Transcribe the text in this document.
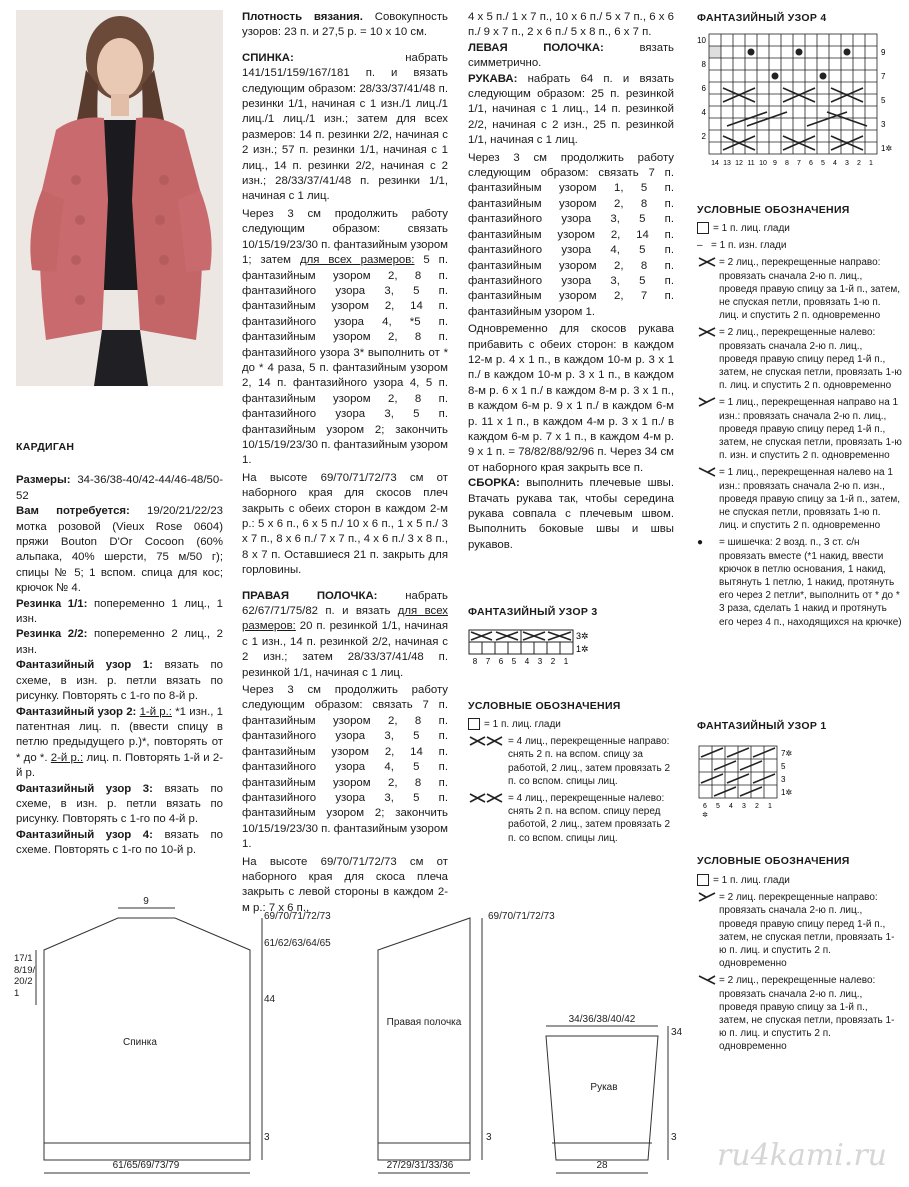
КАРДИГАН

Размеры: 34-36/38-40/42-44/46-48/50-52

Вам потребуется: 19/20/21/22/23 мотка розовой (Vieux Rose 0604) пряжи Bouton D'Or Cocoon (60% альпака, 40% шерсти, 75 м/50 г); спицы № 5; 1 вспом. спица для кос; крючок № 4.

Резинка 1/1: попеременно 1 лиц., 1 изн.

Резинка 2/2: попеременно 2 лиц., 2 изн.

Фантазийный узор 1: вязать по схеме, в изн. р. петли вязать по рисунку. Повторять с 1-го по 8-й р.

Фантазийный узор 2: 1-й р.: *1 изн., 1 патентная лиц. п. (ввести спицу в петлю предыдущего р.)*, повторять от * до *. 2-й р.: лиц. п. Повторять 1-й и 2-й р.

Фантазийный узор 3: вязать по схеме, в изн. р. петли вязать по рисунку. Повторять с 1-го по 4-й р.

Фантазийный узор 4: вязать по схеме. Повторять с 1-го по 10-й р.

Плотность вязания. Совокупность узоров: 23 п. и 27,5 р. = 10 х 10 см.

СПИНКА:	набрать 141/151/159/167/181 п. и вязать следующим образом: 28/33/37/41/48 п. резинки 1/1, начиная с 1 изн./1 лиц./1 лиц./1 лиц./1 изн.; затем для всех размеров: 14 п. резинки 2/2, начиная с 2 изн.; 57 п. резинки 1/1, начиная с 1 лиц., 14 п. резинки 2/2, начиная с 2 изн.; 28/33/37/41/48 п. резинки 1/1, начиная с 1 лиц.

Через 3 см продолжить работу следующим образом: связать 10/15/19/23/30 п. фантазийным узором 1; затем для всех размеров: 5 п. фантазийным узором 2, 8 п. фантазийного узора 3, 5 п. фантазийным узором 2, 14 п. фантазийного узора 4, *5 п. фантазийным узором 2, 8 п. фантазийного узора 3* выполнить от * до * 4 раза, 5 п. фантазийным узором 2, 14 п. фантазийного узора 4, 5 п. фантазийным узором 2, 8 п. фантазийного узора 3, 5 п. фантазийным узором 2; закончить 10/15/19/23/30 п. фантазийным узором 1.

На высоте 69/70/71/72/73 см от наборного края для скосов плеч закрыть с обеих сторон в каждом 2-м р.: 5 х 6 п., 6 х 5 п./ 10 х 6 п., 1 х 5 п./ 3 х 7 п., 8 х 6 п./ 7 х 7 п., 4 х 6 п./ 3 х 8 п., 8 х 7 п. Оставшиеся 21 п. закрыть для горловины.

ПРАВАЯ ПОЛОЧКА: набрать 62/67/71/75/82 п. и вязать для всех размеров: 20 п. резинкой 1/1, начиная с 1 изн., 14 п. резинкой 2/2, начиная с 2 изн.; затем 28/33/37/41/48 п. резинкой 1/1, начиная с 1 лиц.

Через 3 см продолжить работу следующим образом: связать 7 п. фантазийным узором 2, 8 п. фантазийного узора 3, 5 п. фантазийным узором 2, 14 п. фантазийного узора 4, 5 п. фантазийным узором 2, 8 п. фантазийного узора 3, 5 п. фантазийным узором 2; закончить 10/15/19/23/30 п. фантазийным узором 1.

На высоте 69/70/71/72/73 см от наборного края для скоса плеча закрыть с левой стороны в каждом 2-м р.: 7 х 6 п.,

4 х 5 п./ 1 х 7 п., 10 х 6 п./ 5 х 7 п., 6 х 6 п./ 9 х 7 п., 2 х 6 п./ 5 х 8 п., 6 х 7 п.

ЛЕВАЯ ПОЛОЧКА:	вязать симметрично.

РУКАВА: набрать 64 п. и вязать следующим образом: 25 п. резинкой 1/1, начиная с 1 лиц., 14 п. резинкой 2/2, начиная с 2 изн., 25 п. резинкой 1/1, начиная с 1 лиц.

Через 3 см продолжить работу следующим образом: связать 7 п. фантазийным узором 1, 5 п. фантазийным узором 2, 8 п. фантазийного узора 3, 5 п. фантазийным узором 2, 14 п. фантазийного узора 4, 5 п. фантазийным узором 2, 8 п. фантазийного узора 3, 5 п. фантазийным узором 2, 7 п. фантазийным узором 1.

Одновременно для скосов рукава прибавить с обеих сторон: в каждом 12-м р. 4 х 1 п., в каждом 10-м р. 3 х 1 п./ в каждом 10-м р. 3 х 1 п., в каждом 8-м р. 6 х 1 п./ в каждом 8-м р. 3 х 1 п., в каждом 6-м р. 9 х 1 п./ в каждом 6-м р. 11 х 1 п., в каждом 4-м р. 3 х 1 п./ в каждом 6-м р. 7 х 1 п., в каждом 4-м р. 9 х 1 п. = 78/82/88/92/96 п. Через 34 см от наборного края закрыть все п.

СБОРКА: выполнить плечевые швы. Втачать рукава так, чтобы середина рукава совпала с плечевым швом. Выполнить боковые швы и швы рукавов.

ФАНТАЗИЙНЫЙ УЗОР 3
3✲
1✲
8 7 6 5 4 3 2 1
УСЛОВНЫЕ ОБОЗНАЧЕНИЯ
= 1 п. лиц. глади
= 4 лиц., перекрещенные направо: снять 2 п. на вспом. спицу за работой, 2 лиц., затем провязать 2 п. со вспом. спицы лиц.
= 4 лиц., перекрещенные налево: снять 2 п. на вспом. спицу перед работой, 2 лиц., затем провязать 2 п. со вспом. спицы лиц.
ФАНТАЗИЙНЫЙ УЗОР 4
10
8
6
4
2
9
7
5
3
1✲
14 13 12 11 10 9 8 7 6 5 4 3 2 1
УСЛОВНЫЕ ОБОЗНАЧЕНИЯ
= 1 п. лиц. глади
– = 1 п. изн. глади
= 2 лиц., перекрещенные направо: провязать сначала 2-ю п. лиц., проведя правую спицу за 1-й п., затем, не спуская петли, провязать 1-ю п. лиц. и спустить 2 п. одновременно
= 2 лиц., перекрещенные налево: провязать сначала 2-ю п. лиц., проведя правую спицу перед 1-й п., затем, не спуская петли, провязать 1-ю п. лиц. и спустить 2 п. одновременно
= 1 лиц., перекрещенная направо на 1 изн.: провязать сначала 2-ю п. лиц., проведя правую спицу перед 1-й п., затем, не спуская петли, провязать 1-ю п. изн. и спустить 2 п. одновременно
= 1 лиц., перекрещенная налево на 1 изн.: провязать сначала 2-ю п. изн., проведя правую спицу за 1-й п., затем, не спуская петли, провязать 1-ю п. лиц. и спустить 2 п. одновременно
●	= шишечка: 2 возд. п., 3 ст. с/н провязать вместе (*1 накид, ввести крючок в петлю основания, 1 накид, вытянуть 1 петлю, 1 накид, протянуть его через 2 петли*, выполнить от * до * 3 раза, сделать 1 накид и протянуть его через 4 п., находящихся на крючке)
ФАНТАЗИЙНЫЙ УЗОР 1
7✲
5
3
1✲
6 5 4 3 2 1
✲
УСЛОВНЫЕ ОБОЗНАЧЕНИЯ
= 1 п. лиц. глади
= 2 лиц. перекрещенные направо: провязать сначала 2-ю п. лиц., проведя правую спицу перед 1-й п., затем, не спуская петли, провязать 1-ю п. лиц. и спустить 2 п. одновременно
= 2 лиц., перекрещенные налево: провязать сначала 2-ю п. лиц., проведя правую спицу за 1-й п., затем, не спуская петли, провязать 1-ю п. лиц. и спустить 2 п. одновременно
9
69/70/71/72/73
61/62/63/64/65
44
3
Спинка
61/65/69/73/79
Правая полочка
69/70/71/72/73
3
27/29/31/33/36
34/36/38/40/42
34
3
Рукав
28
17/18/19/20/21
ru4kami.ru
